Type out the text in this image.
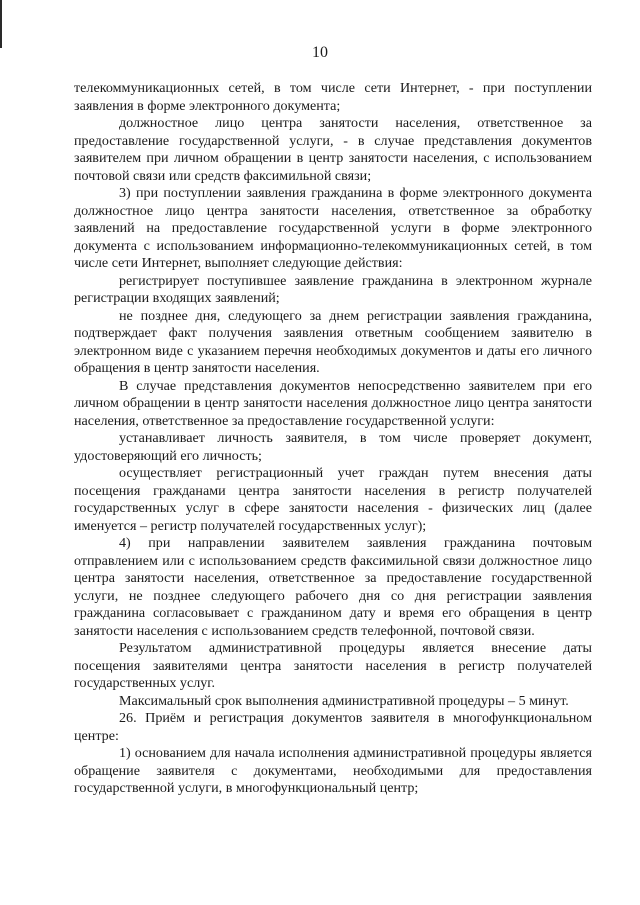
10

телекоммуникационных сетей, в том числе сети Интернет, - при поступлении заявления в форме электронного документа;

должностное лицо центра занятости населения, ответственное за предоставление государственной услуги, - в случае представления документов заявителем при личном обращении в центр занятости населения, с использованием почтовой связи или средств факсимильной связи;

3) при поступлении заявления гражданина в форме электронного документа должностное лицо центра занятости населения, ответственное за обработку заявлений на предоставление государственной услуги в форме электронного документа с использованием информационно-телекоммуникационных сетей, в том числе сети Интернет, выполняет следующие действия:

регистрирует поступившее заявление гражданина в электронном журнале регистрации входящих заявлений;

не позднее дня, следующего за днем регистрации заявления гражданина, подтверждает факт получения заявления ответным сообщением заявителю в электронном виде с указанием перечня необходимых документов и даты его личного обращения в центр занятости населения.

В случае представления документов непосредственно заявителем при его личном обращении в центр занятости населения должностное лицо центра занятости населения, ответственное за предоставление государственной услуги:

устанавливает личность заявителя, в том числе проверяет документ, удостоверяющий его личность;

осуществляет регистрационный учет граждан путем внесения даты посещения гражданами центра занятости населения в регистр получателей государственных услуг в сфере занятости населения - физических лиц (далее именуется – регистр получателей государственных услуг);

4) при направлении заявителем заявления гражданина почтовым отправлением или с использованием средств факсимильной связи должностное лицо центра занятости населения, ответственное за предоставление государственной услуги, не позднее следующего рабочего дня со дня регистрации заявления гражданина согласовывает с гражданином дату и время его обращения в центр занятости населения с использованием средств телефонной, почтовой связи.

Результатом административной процедуры является внесение даты посещения заявителями центра занятости населения в регистр получателей государственных услуг.

Максимальный срок выполнения административной процедуры – 5 минут.

26. Приём и регистрация документов заявителя в многофункциональном центре:

1) основанием для начала исполнения административной процедуры является обращение заявителя с документами, необходимыми для предоставления государственной услуги, в многофункциональный центр;
